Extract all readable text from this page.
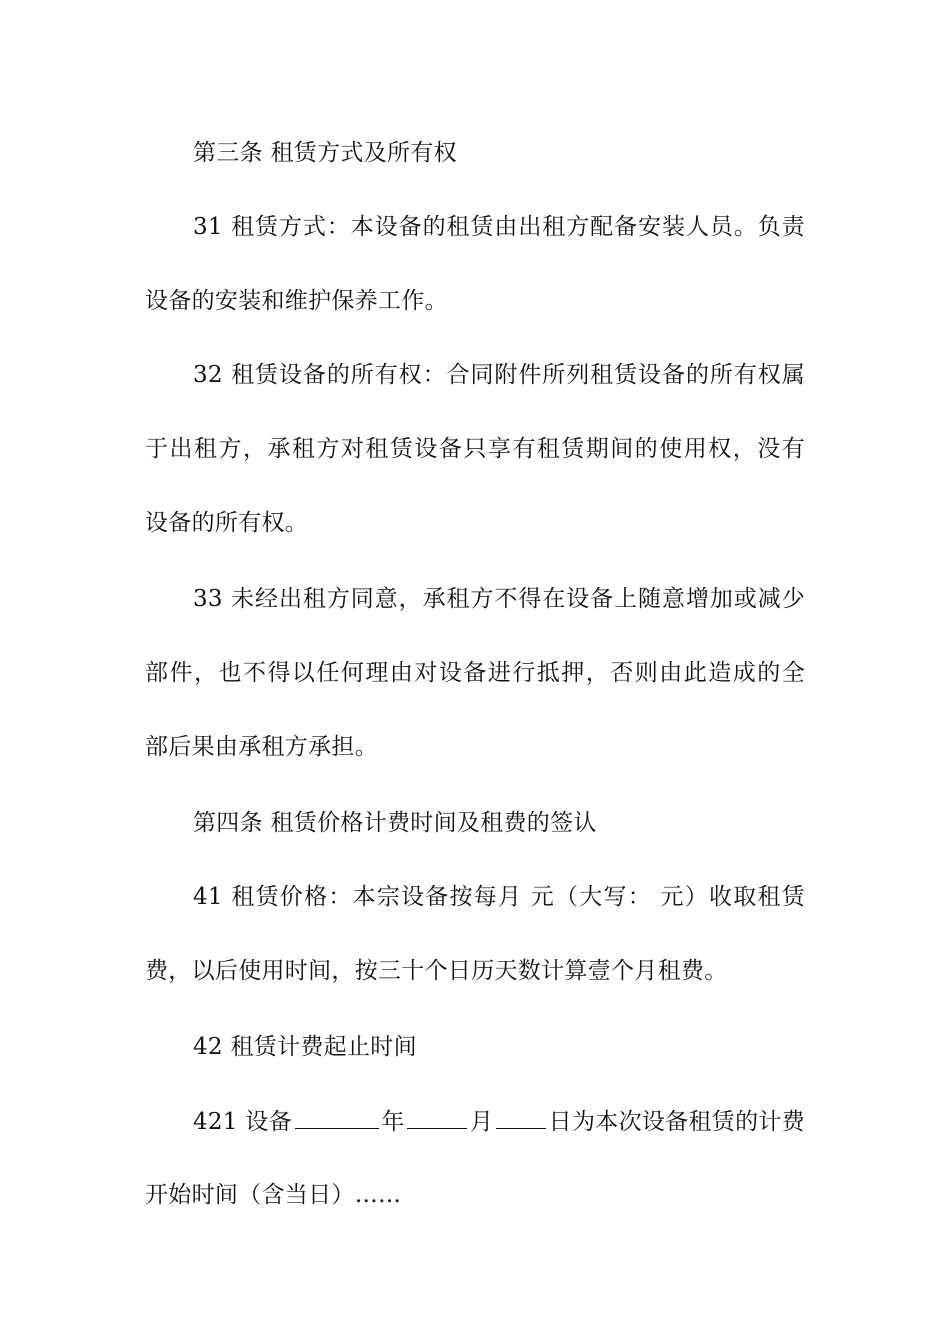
第三条 租赁方式及所有权
31 租赁方式：本设备的租赁由出租方配备安装人员。负责
设备的安装和维护保养工作。
32 租赁设备的所有权：合同附件所列租赁设备的所有权属
于出租方，承租方对租赁设备只享有租赁期间的使用权，没有
设备的所有权。
33 未经出租方同意，承租方不得在设备上随意增加或减少
部件，也不得以任何理由对设备进行抵押，否则由此造成的全
部后果由承租方承担。
第四条 租赁价格计费时间及租费的签认
41 租赁价格：本宗设备按每月 元（大写： 元）收取租赁
费，以后使用时间，按三十个日历天数计算壹个月租费。
42 租赁计费起止时间
421 设备	年	月 日为本次设备租赁的计费
开始时间（含当日）……
